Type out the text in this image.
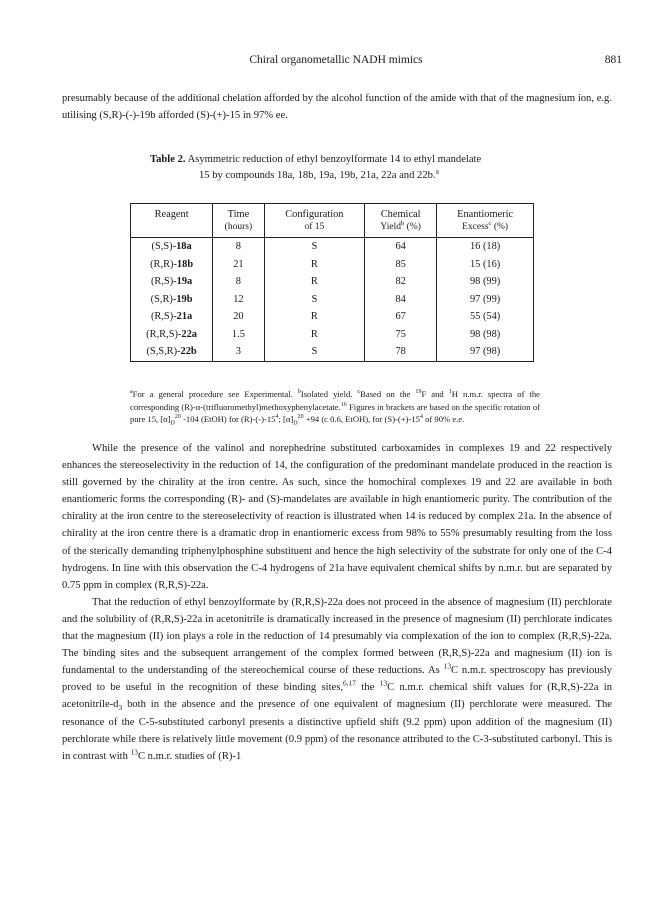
Chiral organometallic NADH mimics	881

presumably because of the additional chelation afforded by the alcohol function of the amide with that of the magnesium ion, e.g. utilising (S,R)-(-)-19b afforded (S)-(+)-15 in 97% ee.

Table 2. Asymmetric reduction of ethyl benzoylformate 14 to ethyl mandelate
15 by compounds 18a, 18b, 19a, 19b, 21a, 22a and 22b.$^a$
Reagent	Time	Configuration	Chemical	Enantiomeric
	(hours)	of 15	Yield$^b$ (%)	Excess$^c$ (%)
(S,S)-18a	8	S	64	16 (18)
(R,R)-18b	21	R	85	15 (16)
(R,S)-19a	8	R	82	98 (99)
(S,R)-19b	12	S	84	97 (99)
(R,S)-21a	20	R	67	55 (54)
(R,R,S)-22a	1.5	R	75	98 (98)
(S,S,R)-22b	3	S	78	97 (98)

$^a$For a general procedure see Experimental. $^b$Isolated yield. $^c$Based on the $^{19}$F and $^1$H n.m.r. spectra of the corresponding (R)-α-(trifluoromethyl)methoxyphenylacetate.$^{16}$ Figures in brackets are based on the specific rotation of pure 15, $[\alpha]_D^{20}$ -104 (EtOH) for $(R)-(-)-15^4$; $[\alpha]_D^{20} +94$ (c 0.6, EtOH), for $(S)-(+)-15^4$ of 90% e.e.

While the presence of the valinol and norephedrine substituted carboxamides in complexes 19 and 22 respectively enhances the stereoselectivity in the reduction of 14, the configuration of the predominant mandelate produced in the reaction is still governed by the chirality at the iron centre. As such, since the homochiral complexes 19 and 22 are available in both enantiomeric forms the corresponding (R)- and (S)-mandelates are available in high enantiomeric purity. The contribution of the chirality at the iron centre to the stereoselectivity of reaction is illustrated when 14 is reduced by complex 21a. In the absence of chirality at the iron centre there is a dramatic drop in enantiomeric excess from 98% to 55% presumably resulting from the loss of the sterically demanding triphenylphosphine substituent and hence the high selectivity of the substrate for only one of the C-4 hydrogens. In line with this observation the C-4 hydrogens of 21a have equivalent chemical shifts by n.m.r. but are separated by 0.75 ppm in complex (R,R,S)-22a.

That the reduction of ethyl benzoylformate by (R,R,S)-22a does not proceed in the absence of magnesium (II) perchlorate and the solubility of (R,R,S)-22a in acetonitrile is dramatically increased in the presence of magnesium (II) perchlorate indicates that the magnesium (II) ion plays a role in the reduction of 14 presumably via complexation of the ion to complex (R,R,S)-22a. The binding sites and the subsequent arrangement of the complex formed between (R,R,S)-22a and magnesium (II) ion is fundamental to the understanding of the stereochemical course of these reductions. As $^{13}$C n.m.r. spectroscopy has previously proved to be useful in the recognition of these binding sites,$^{6,17}$ the $^{13}$C n.m.r. chemical shift values for (R,R,S)-22a in acetonitrile-$d_3$ both in the absence and the presence of one equivalent of magnesium (II) perchlorate were measured. The resonance of the C-5-substituted carbonyl presents a distinctive upfield shift (9.2 ppm) upon addition of the magnesium (II) perchlorate while there is relatively little movement (0.9 ppm) of the resonance attributed to the C-3-substituted carbonyl. This is in contrast with $^{13}$C n.m.r. studies of (R)-1
